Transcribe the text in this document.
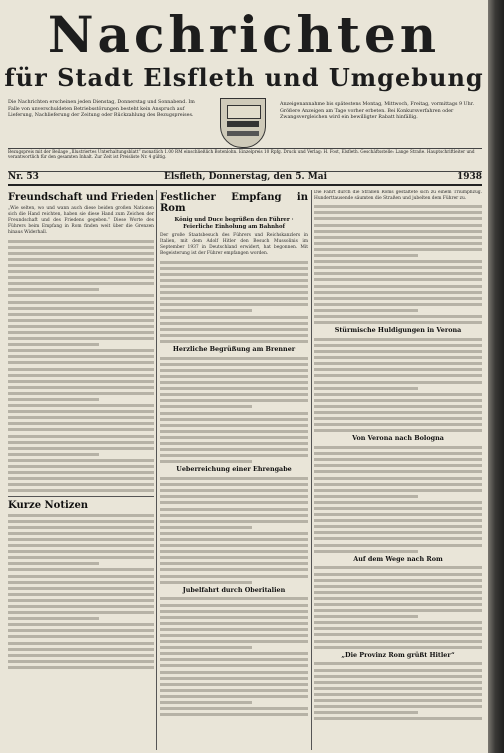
Nachrichten
für Stadt Elsfleth und Umgebung
Die Nachrichten erscheinen jeden Dienstag, Donnerstag und Sonnabend. Im Falle von unverschuldeten Betriebsstörungen besteht kein Anspruch auf Lieferung, Nachlieferung der Zeitung oder Rückzahlung des Bezugspreises.
Anzeigenannahme bis spätestens Montag, Mittwoch, Freitag, vormittags 9 Uhr. Größere Anzeigen am Tage vorher erbeten. Bei Konkursverfahren oder Zwangsvergleichen wird ein bewilligter Rabatt hinfällig.
Bezugspreis mit der Beilage „Illustriertes Unterhaltungsblatt“ monatlich 1.00 RM einschließlich Botenlohn. Einzelpreis 10 Rpfg. Druck und Verlag: H. Fost, Elsfleth. Geschäftsstelle: Lange Straße. Hauptschriftleiter und verantwortlich für den gesamten Inhalt. Zur Zeit ist Preisliste Nr. 4 gültig.
Nr. 53	Elsfleth, Donnerstag, den 5. Mai	1938
Freundschaft und Frieden
„Wie selten, wo und wann auch diese beiden großen Nationen sich die Hand reichten, haben sie diese Hand zum Zeichen der Freundschaft und des Friedens gegeben.“ Diese Worte des Führers beim Empfang in Rom finden weit über die Grenzen hinaus Widerhall.
Kurze Notizen
Festlicher Empfang in Rom
König und Duce begrüßen den Führer · Feierliche Einholung am Bahnhof
Der große Staatsbesuch des Führers und Reichskanzlers in Italien, mit dem Adolf Hitler den Besuch Mussolinis im September 1937 in Deutschland erwidert, hat begonnen. Mit Begeisterung ist der Führer empfangen worden.
Herzliche Begrüßung am Brenner
Ueberreichung einer Ehrengabe
Jubelfahrt durch Oberitalien
Die Fahrt durch die Straßen Roms gestaltete sich zu einem Triumphzug. Hunderttausende säumten die Straßen und jubelten dem Führer zu.
Stürmische Huldigungen in Verona
Von Verona nach Bologna
Auf dem Wege nach Rom
„Die Provinz Rom grüßt Hitler“
